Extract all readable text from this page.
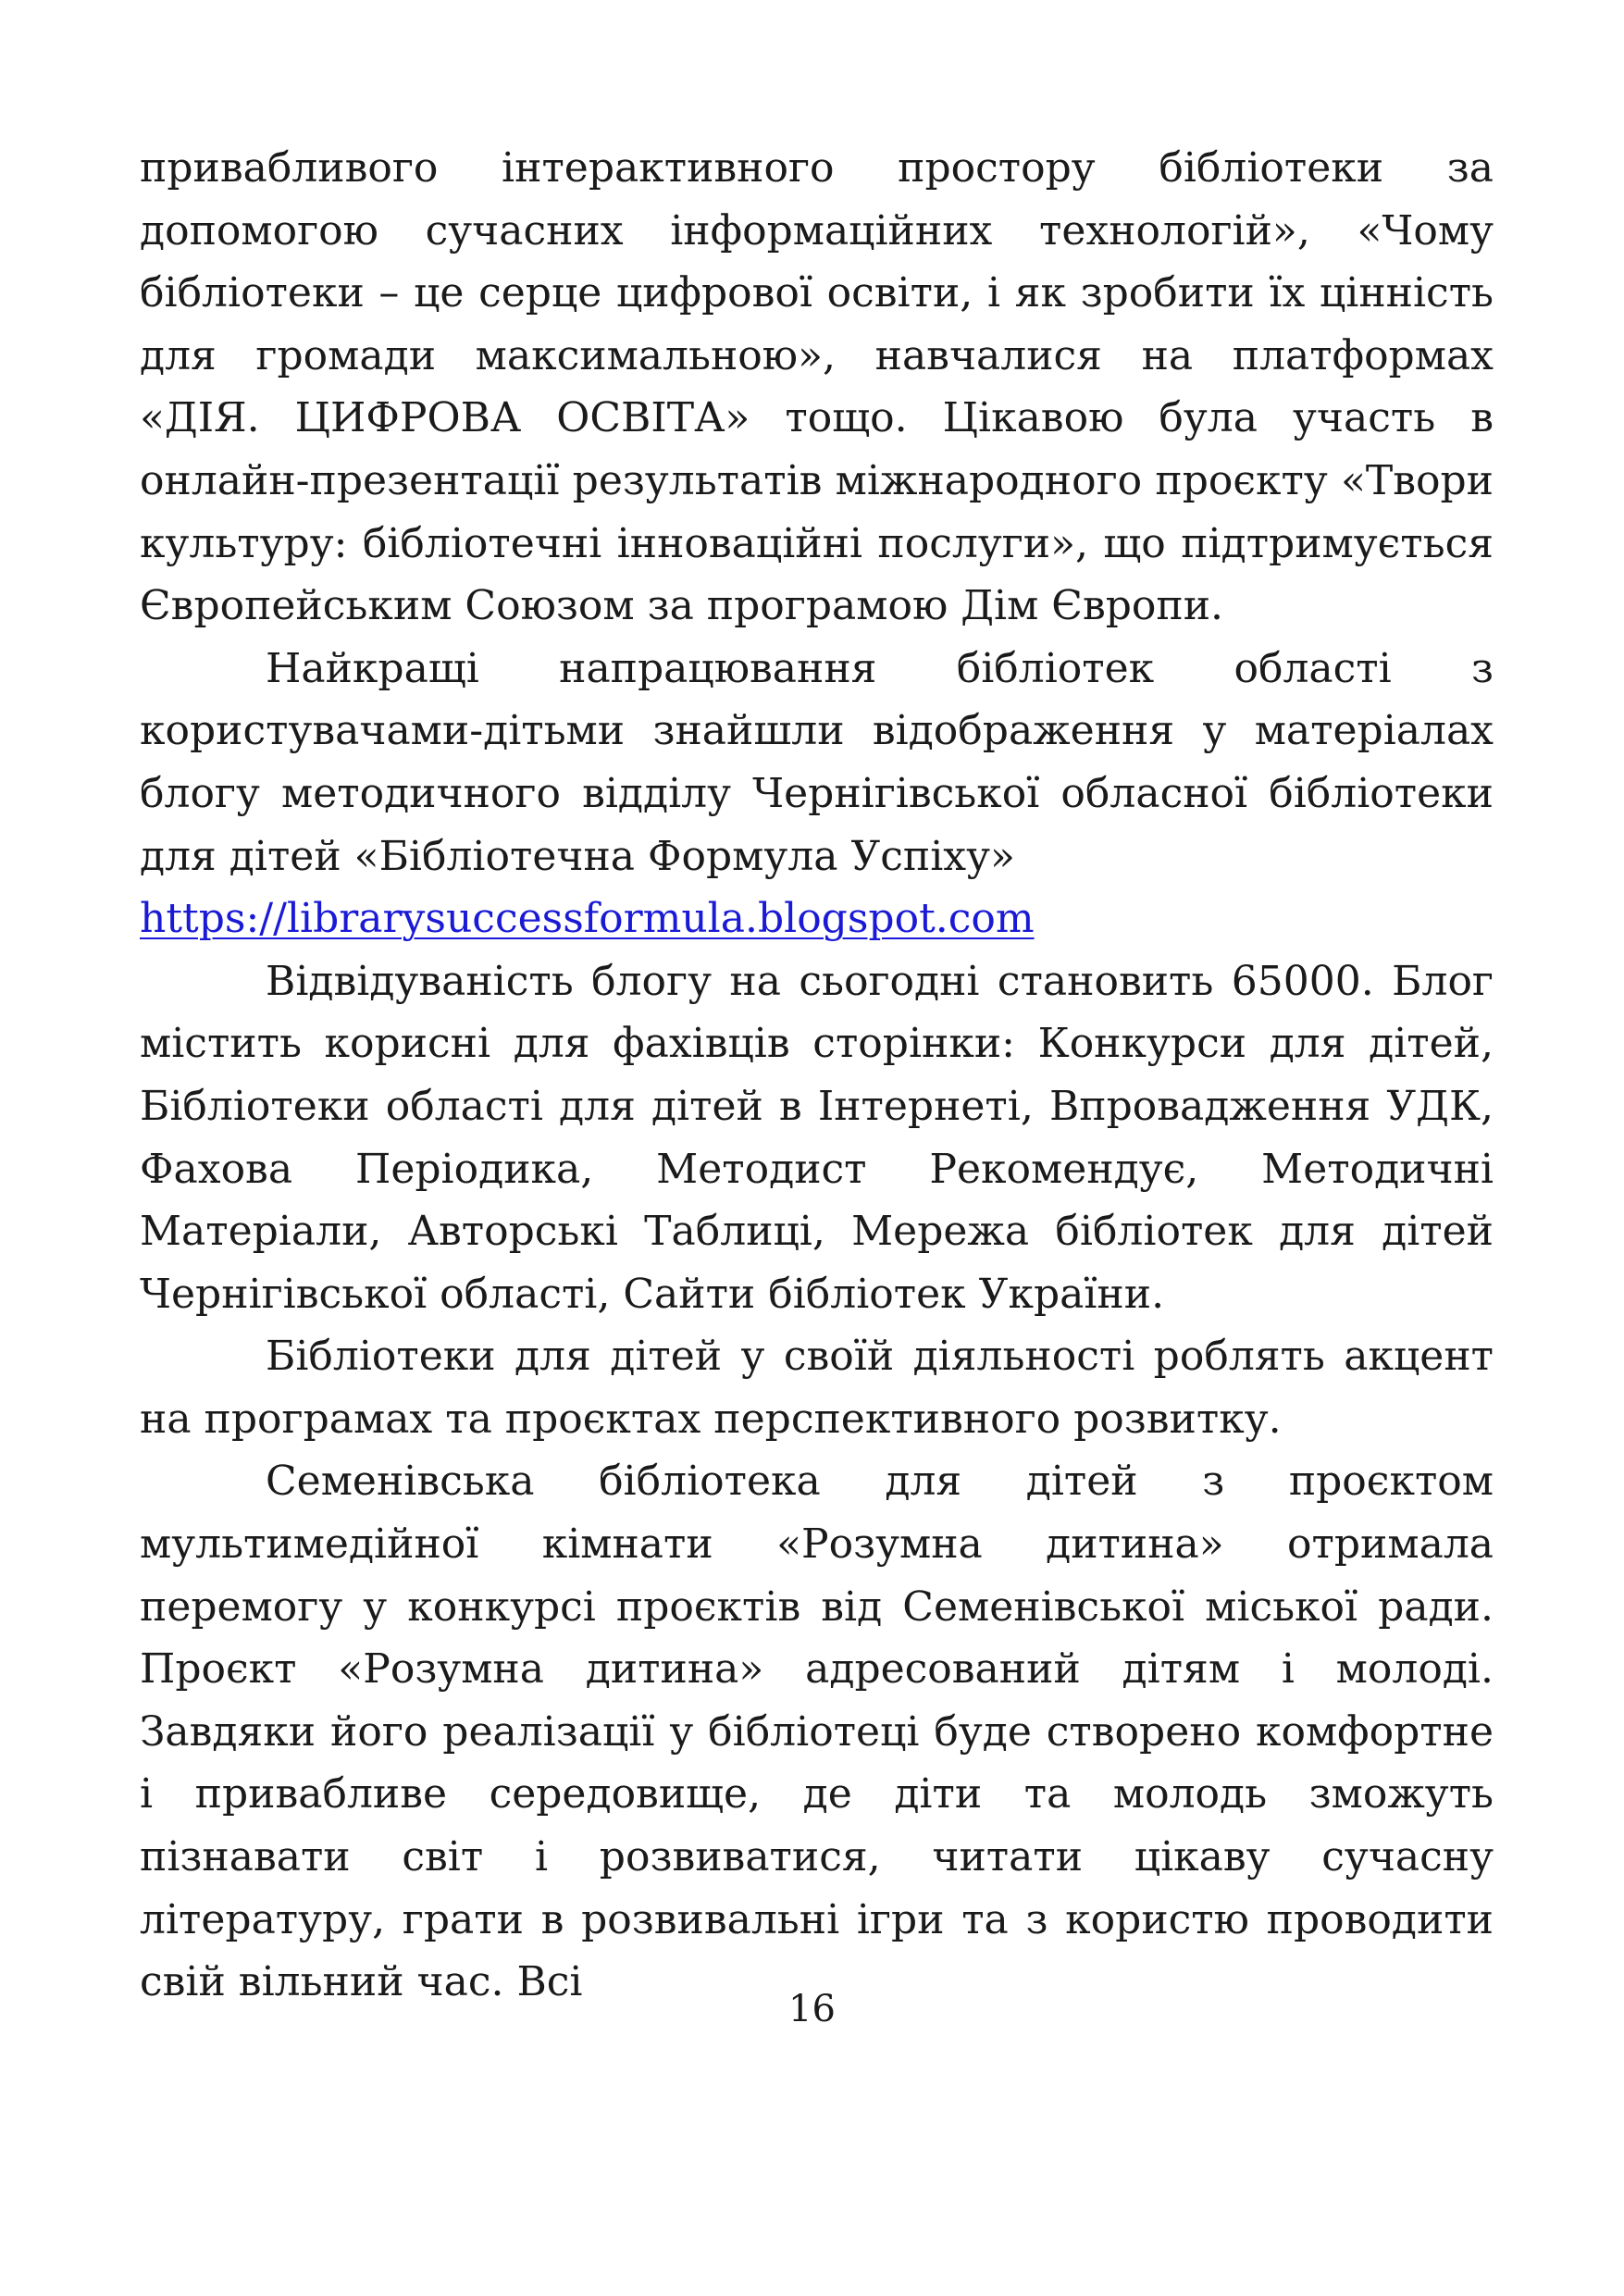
привабливого інтерактивного простору бібліотеки за допомогою сучасних інформаційних технологій», «Чому бібліотеки – це серце цифрової освіти, і як зробити їх цінність для громади максимальною», навчалися на платформах «ДІЯ. ЦИФРОВА ОСВІТА» тощо. Цікавою була участь в онлайн-презентації результатів міжнародного проєкту «Твори культуру: бібліотечні інноваційні послуги», що підтримується Європейським Союзом за програмою Дім Європи.

Найкращі напрацювання бібліотек області з користувачами-дітьми знайшли відображення у матеріалах блогу методичного відділу Чернігівської обласної бібліотеки для дітей «Бібліотечна Формула Успіху»

https://librarysuccessformula.blogspot.com

Відвідуваність блогу на сьогодні становить 65000. Блог містить корисні для фахівців сторінки: Конкурси для дітей, Бібліотеки області для дітей в Інтернеті, Впровадження УДК, Фахова Періодика, Методист Рекомендує, Методичні Матеріали, Авторські Таблиці, Мережа бібліотек для дітей Чернігівської області, Сайти бібліотек України.

Бібліотеки для дітей у своїй діяльності роблять акцент на програмах та проєктах перспективного розвитку.

Семенівська бібліотека для дітей з проєктом мультимедійної кімнати «Розумна дитина» отримала перемогу у конкурсі проєктів від Семенівської міської ради. Проєкт «Розумна дитина» адресований дітям і молоді. Завдяки його реалізації у бібліотеці буде створено комфортне і привабливе середовище, де діти та молодь зможуть пізнавати світ і розвиватися, читати цікаву сучасну літературу, грати в розвивальні ігри та з користю проводити свій вільний час. Всі

16
